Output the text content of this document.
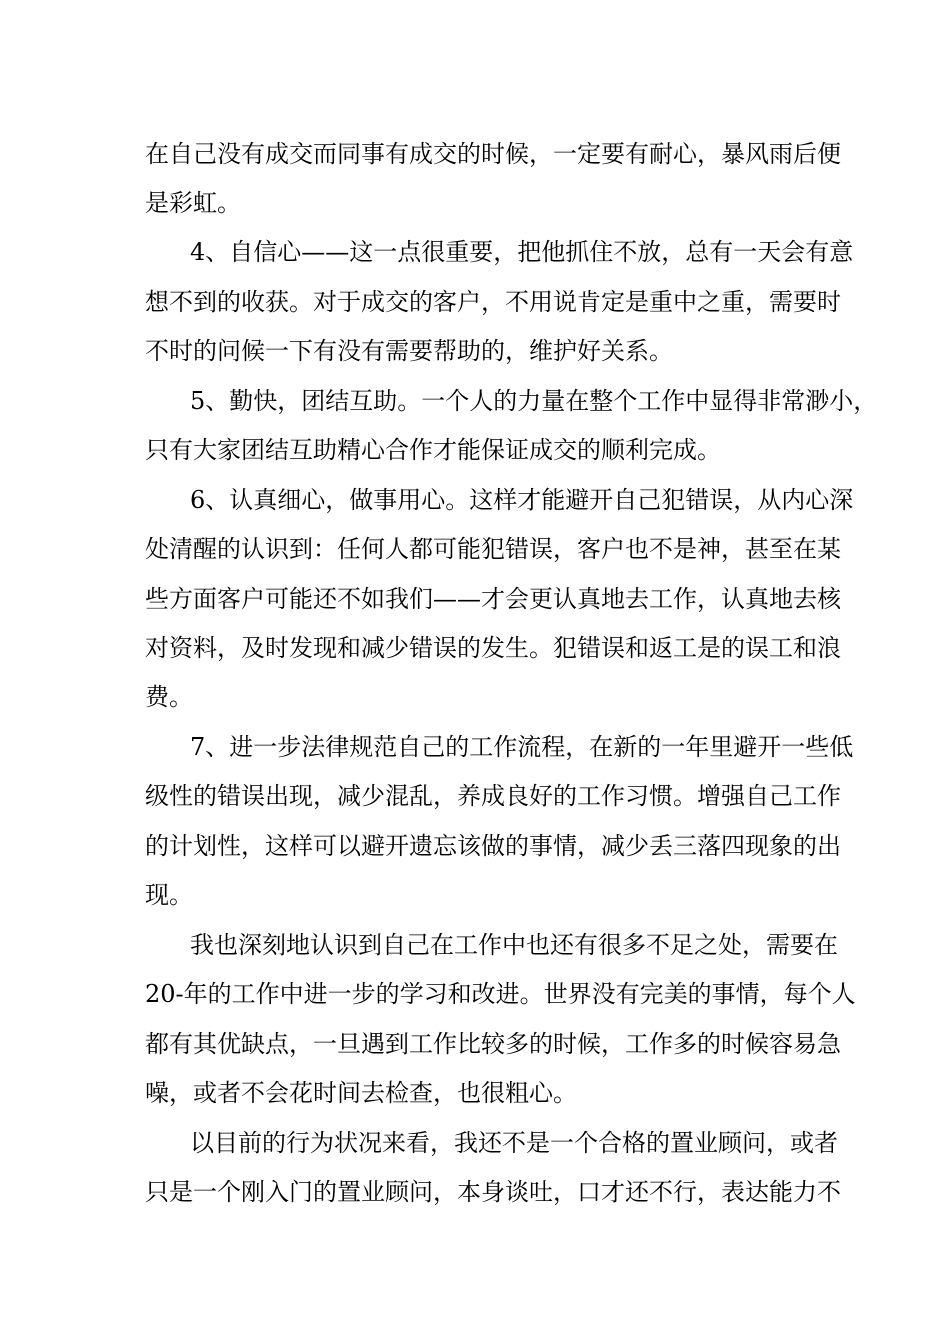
在自己没有成交而同事有成交的时候，一定要有耐心，暴风雨后便

是彩虹。

4、自信心——这一点很重要，把他抓住不放，总有一天会有意

想不到的收获。对于成交的客户，不用说肯定是重中之重，需要时

不时的问候一下有没有需要帮助的，维护好关系。

5、勤快，团结互助。一个人的力量在整个工作中显得非常渺小，

只有大家团结互助精心合作才能保证成交的顺利完成。

6、认真细心，做事用心。这样才能避开自己犯错误，从内心深

处清醒的认识到：任何人都可能犯错误，客户也不是神，甚至在某

些方面客户可能还不如我们——才会更认真地去工作，认真地去核

对资料，及时发现和减少错误的发生。犯错误和返工是的误工和浪

费。

7、进一步法律规范自己的工作流程，在新的一年里避开一些低

级性的错误出现，减少混乱，养成良好的工作习惯。增强自己工作

的计划性，这样可以避开遗忘该做的事情，减少丢三落四现象的出

现。

我也深刻地认识到自己在工作中也还有很多不足之处，需要在

20-年的工作中进一步的学习和改进。世界没有完美的事情，每个人

都有其优缺点，一旦遇到工作比较多的时候，工作多的时候容易急

噪，或者不会花时间去检查，也很粗心。

以目前的行为状况来看，我还不是一个合格的置业顾问，或者

只是一个刚入门的置业顾问，本身谈吐，口才还不行，表达能力不
